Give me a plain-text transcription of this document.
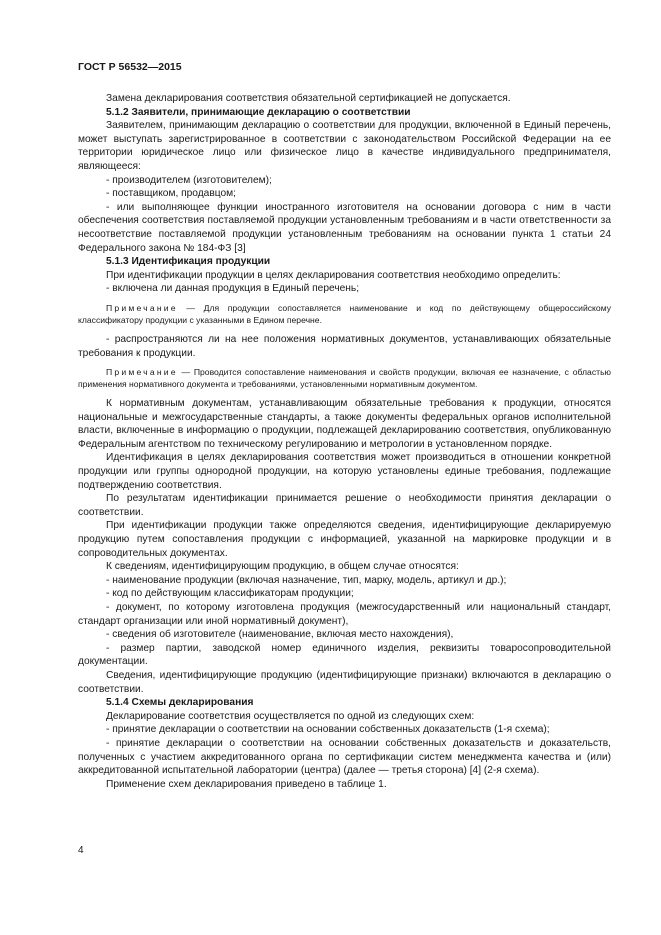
ГОСТ Р 56532—2015

Замена декларирования соответствия обязательной сертификацией не допускается.

5.1.2 Заявители, принимающие декларацию о соответствии

Заявителем, принимающим декларацию о соответствии для продукции, включенной в Единый перечень, может выступать зарегистрированное в соответствии с законодательством Российской Федерации на ее территории юридическое лицо или физическое лицо в качестве индивидуального предпринимателя, являющееся:

- производителем (изготовителем);

- поставщиком, продавцом;

- или выполняющее функции иностранного изготовителя на основании договора с ним в части обеспечения соответствия поставляемой продукции установленным требованиям и в части ответственности за несоответствие поставляемой продукции установленным требованиям на основании пункта 1 статьи 24 Федерального закона № 184-ФЗ [3]

5.1.3 Идентификация продукции

При идентификации продукции в целях декларирования соответствия необходимо определить:

- включена ли данная продукция в Единый перечень;

Примечание — Для продукции сопоставляется наименование и код по действующему общероссийскому классификатору продукции с указанными в Едином перечне.

- распространяются ли на нее положения нормативных документов, устанавливающих обязательные требования к продукции.

Примечание — Проводится сопоставление наименования и свойств продукции, включая ее назначение, с областью применения нормативного документа и требованиями, установленными нормативным документом.

К нормативным документам, устанавливающим обязательные требования к продукции, относятся национальные и межгосударственные стандарты, а также документы федеральных органов исполнительной власти, включенные в информацию о продукции, подлежащей декларированию соответствия, опубликованную Федеральным агентством по техническому регулированию и метрологии в установленном порядке.

Идентификация в целях декларирования соответствия может производиться в отношении конкретной продукции или группы однородной продукции, на которую установлены единые требования, подлежащие подтверждению соответствия.

По результатам идентификации принимается решение о необходимости принятия декларации о соответствии.

При идентификации продукции также определяются сведения, идентифицирующие декларируемую продукцию путем сопоставления продукции с информацией, указанной на маркировке продукции и в сопроводительных документах.

К сведениям, идентифицирующим продукцию, в общем случае относятся:

- наименование продукции (включая назначение, тип, марку, модель, артикул и др.);

- код по действующим классификаторам продукции;

- документ, по которому изготовлена продукция (межгосударственный или национальный стандарт, стандарт организации или иной нормативный документ),

- сведения об изготовителе (наименование, включая место нахождения),

- размер партии, заводской номер единичного изделия, реквизиты товаросопроводительной документации.

Сведения, идентифицирующие продукцию (идентифицирующие признаки) включаются в декларацию о соответствии.

5.1.4 Схемы декларирования

Декларирование соответствия осуществляется по одной из следующих схем:

- принятие декларации о соответствии на основании собственных доказательств (1-я схема);

- принятие декларации о соответствии на основании собственных доказательств и доказательств, полученных с участием аккредитованного органа по сертификации систем менеджмента качества и (или) аккредитованной испытательной лаборатории (центра) (далее — третья сторона) [4] (2-я схема).

Применение схем декларирования приведено в таблице 1.

4
